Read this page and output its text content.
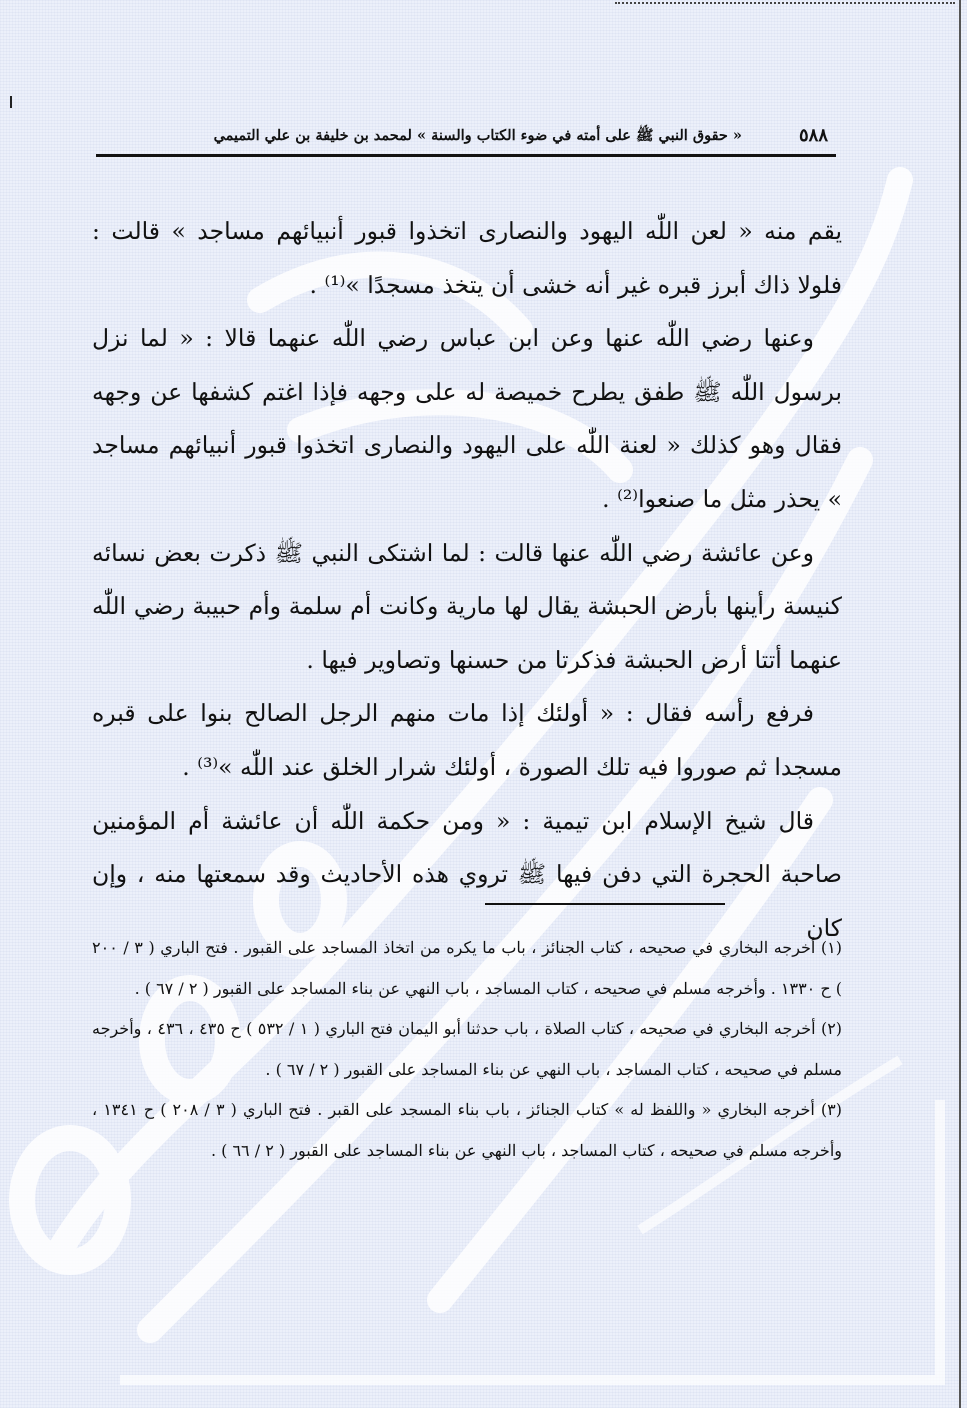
٥٨٨
« حقوق النبي ﷺ على أمته في ضوء الكتاب والسنة » لمحمد بن خليفة بن علي التميمي

يقم منه « لعن اللّٰه اليهود والنصارى اتخذوا قبور أنبيائهم مساجد » قالت : فلولا ذاك أبرز قبره غير أنه خشى أن يتخذ مسجدًا »⁽¹⁾ .

وعنها رضي اللّٰه عنها وعن ابن عباس رضي اللّٰه عنهما قالا : « لما نزل برسول اللّٰه ﷺ طفق يطرح خميصة له على وجهه فإذا اغتم كشفها عن وجهه فقال وهو كذلك « لعنة اللّٰه على اليهود والنصارى اتخذوا قبور أنبيائهم مساجد » يحذر مثل ما صنعوا⁽²⁾ .

وعن عائشة رضي اللّٰه عنها قالت : لما اشتكى النبي ﷺ ذكرت بعض نسائه كنيسة رأينها بأرض الحبشة يقال لها مارية وكانت أم سلمة وأم حبيبة رضي اللّٰه عنهما أتتا أرض الحبشة فذكرتا من حسنها وتصاوير فيها .

فرفع رأسه فقال : « أولئك إذا مات منهم الرجل الصالح بنوا على قبره مسجدا ثم صوروا فيه تلك الصورة ، أولئك شرار الخلق عند اللّٰه »⁽³⁾ .

قال شيخ الإسلام ابن تيمية : « ومن حكمة اللّٰه أن عائشة أم المؤمنين صاحبة الحجرة التي دفن فيها ﷺ تروي هذه الأحاديث وقد سمعتها منه ، وإن كان

(١) أخرجه البخاري في صحيحه ، كتاب الجنائز ، باب ما يكره من اتخاذ المساجد على القبور . فتح الباري ( ٣ / ٢٠٠ ) ح ١٣٣٠ . وأخرجه مسلم في صحيحه ، كتاب المساجد ، باب النهي عن بناء المساجد على القبور ( ٢ / ٦٧ ) .

(٢) أخرجه البخاري في صحيحه ، كتاب الصلاة ، باب حدثنا أبو اليمان فتح الباري ( ١ / ٥٣٢ ) ح ٤٣٥ ، ٤٣٦ ، وأخرجه مسلم في صحيحه ، كتاب المساجد ، باب النهي عن بناء المساجد على القبور ( ٢ / ٦٧ ) .

(٣) أخرجه البخاري « واللفظ له » كتاب الجنائز ، باب بناء المسجد على القبر . فتح الباري ( ٣ / ٢٠٨ ) ح ١٣٤١ ، وأخرجه مسلم في صحيحه ، كتاب المساجد ، باب النهي عن بناء المساجد على القبور ( ٢ / ٦٦ ) .
